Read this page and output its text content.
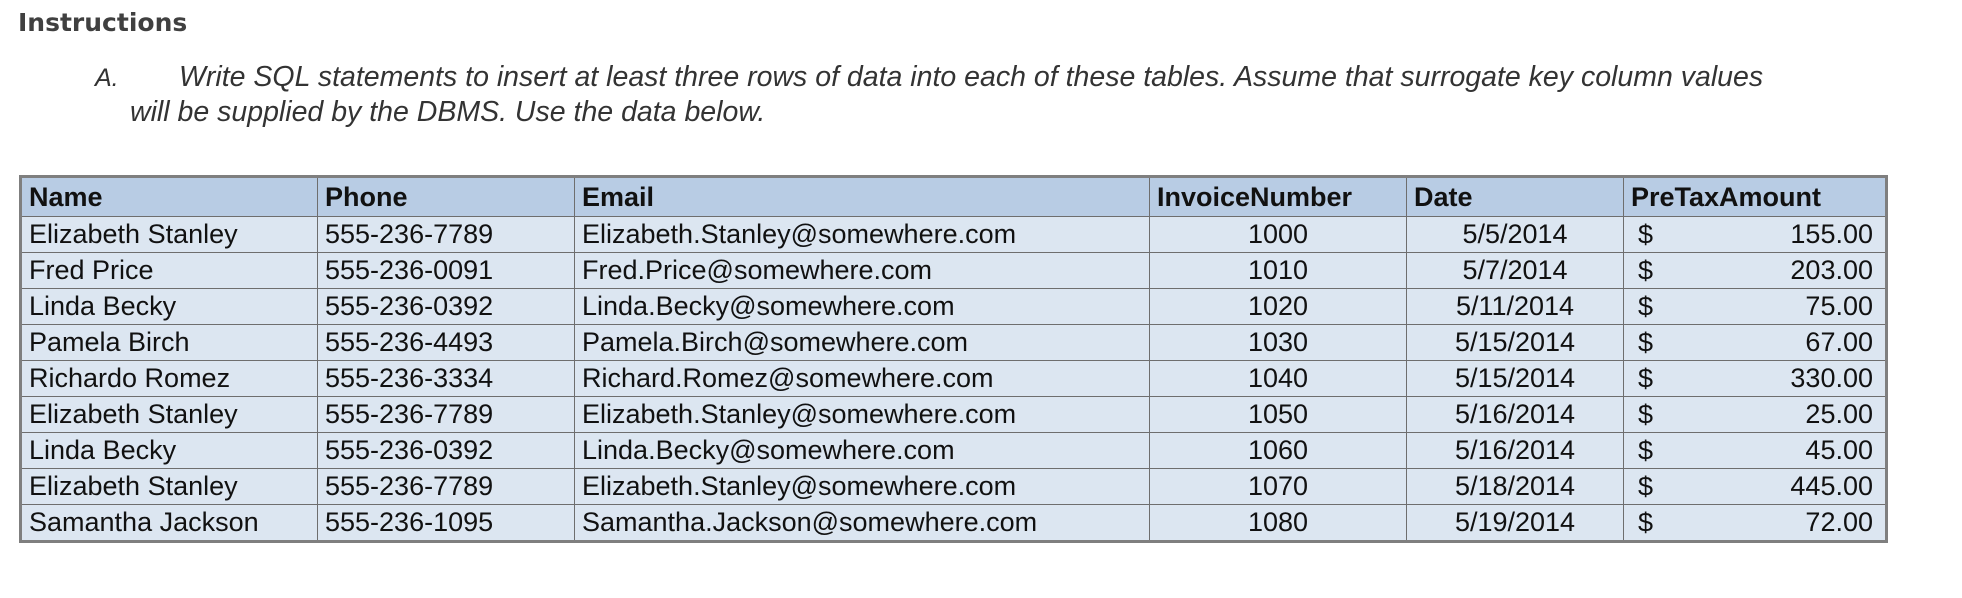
Instructions
A. Write SQL statements to insert at least three rows of data into each of these tables. Assume that surrogate key column values
will be supplied by the DBMS. Use the data below.
Name	Phone	Email	InvoiceNumber	Date	PreTaxAmount
Elizabeth Stanley	555-236-7789	Elizabeth.Stanley@somewhere.com	1000	5/5/2014	$ 155.00
Fred Price	555-236-0091	Fred.Price@somewhere.com	1010	5/7/2014	$ 203.00
Linda Becky	555-236-0392	Linda.Becky@somewhere.com	1020	5/11/2014	$ 75.00
Pamela Birch	555-236-4493	Pamela.Birch@somewhere.com	1030	5/15/2014	$ 67.00
Richardo Romez	555-236-3334	Richard.Romez@somewhere.com	1040	5/15/2014	$ 330.00
Elizabeth Stanley	555-236-7789	Elizabeth.Stanley@somewhere.com	1050	5/16/2014	$ 25.00
Linda Becky	555-236-0392	Linda.Becky@somewhere.com	1060	5/16/2014	$ 45.00
Elizabeth Stanley	555-236-7789	Elizabeth.Stanley@somewhere.com	1070	5/18/2014	$ 445.00
Samantha Jackson	555-236-1095	Samantha.Jackson@somewhere.com	1080	5/19/2014	$ 72.00
